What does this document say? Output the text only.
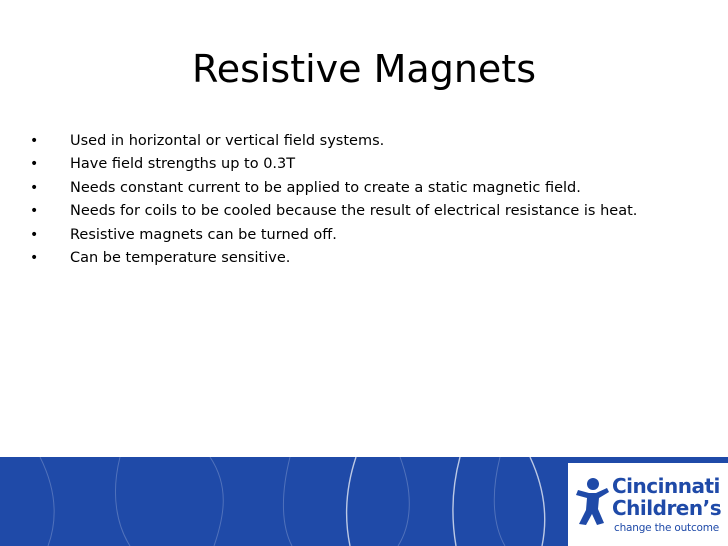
Resistive Magnets
• Used in horizontal or vertical field systems.
• Have field strengths up to 0.3T
• Needs constant current to be applied to create a static magnetic field.
• Needs for coils to be cooled because the result of electrical resistance is heat.
• Resistive magnets can be turned off.
• Can be temperature sensitive.
Cincinnati
Children’s
change the outcome
